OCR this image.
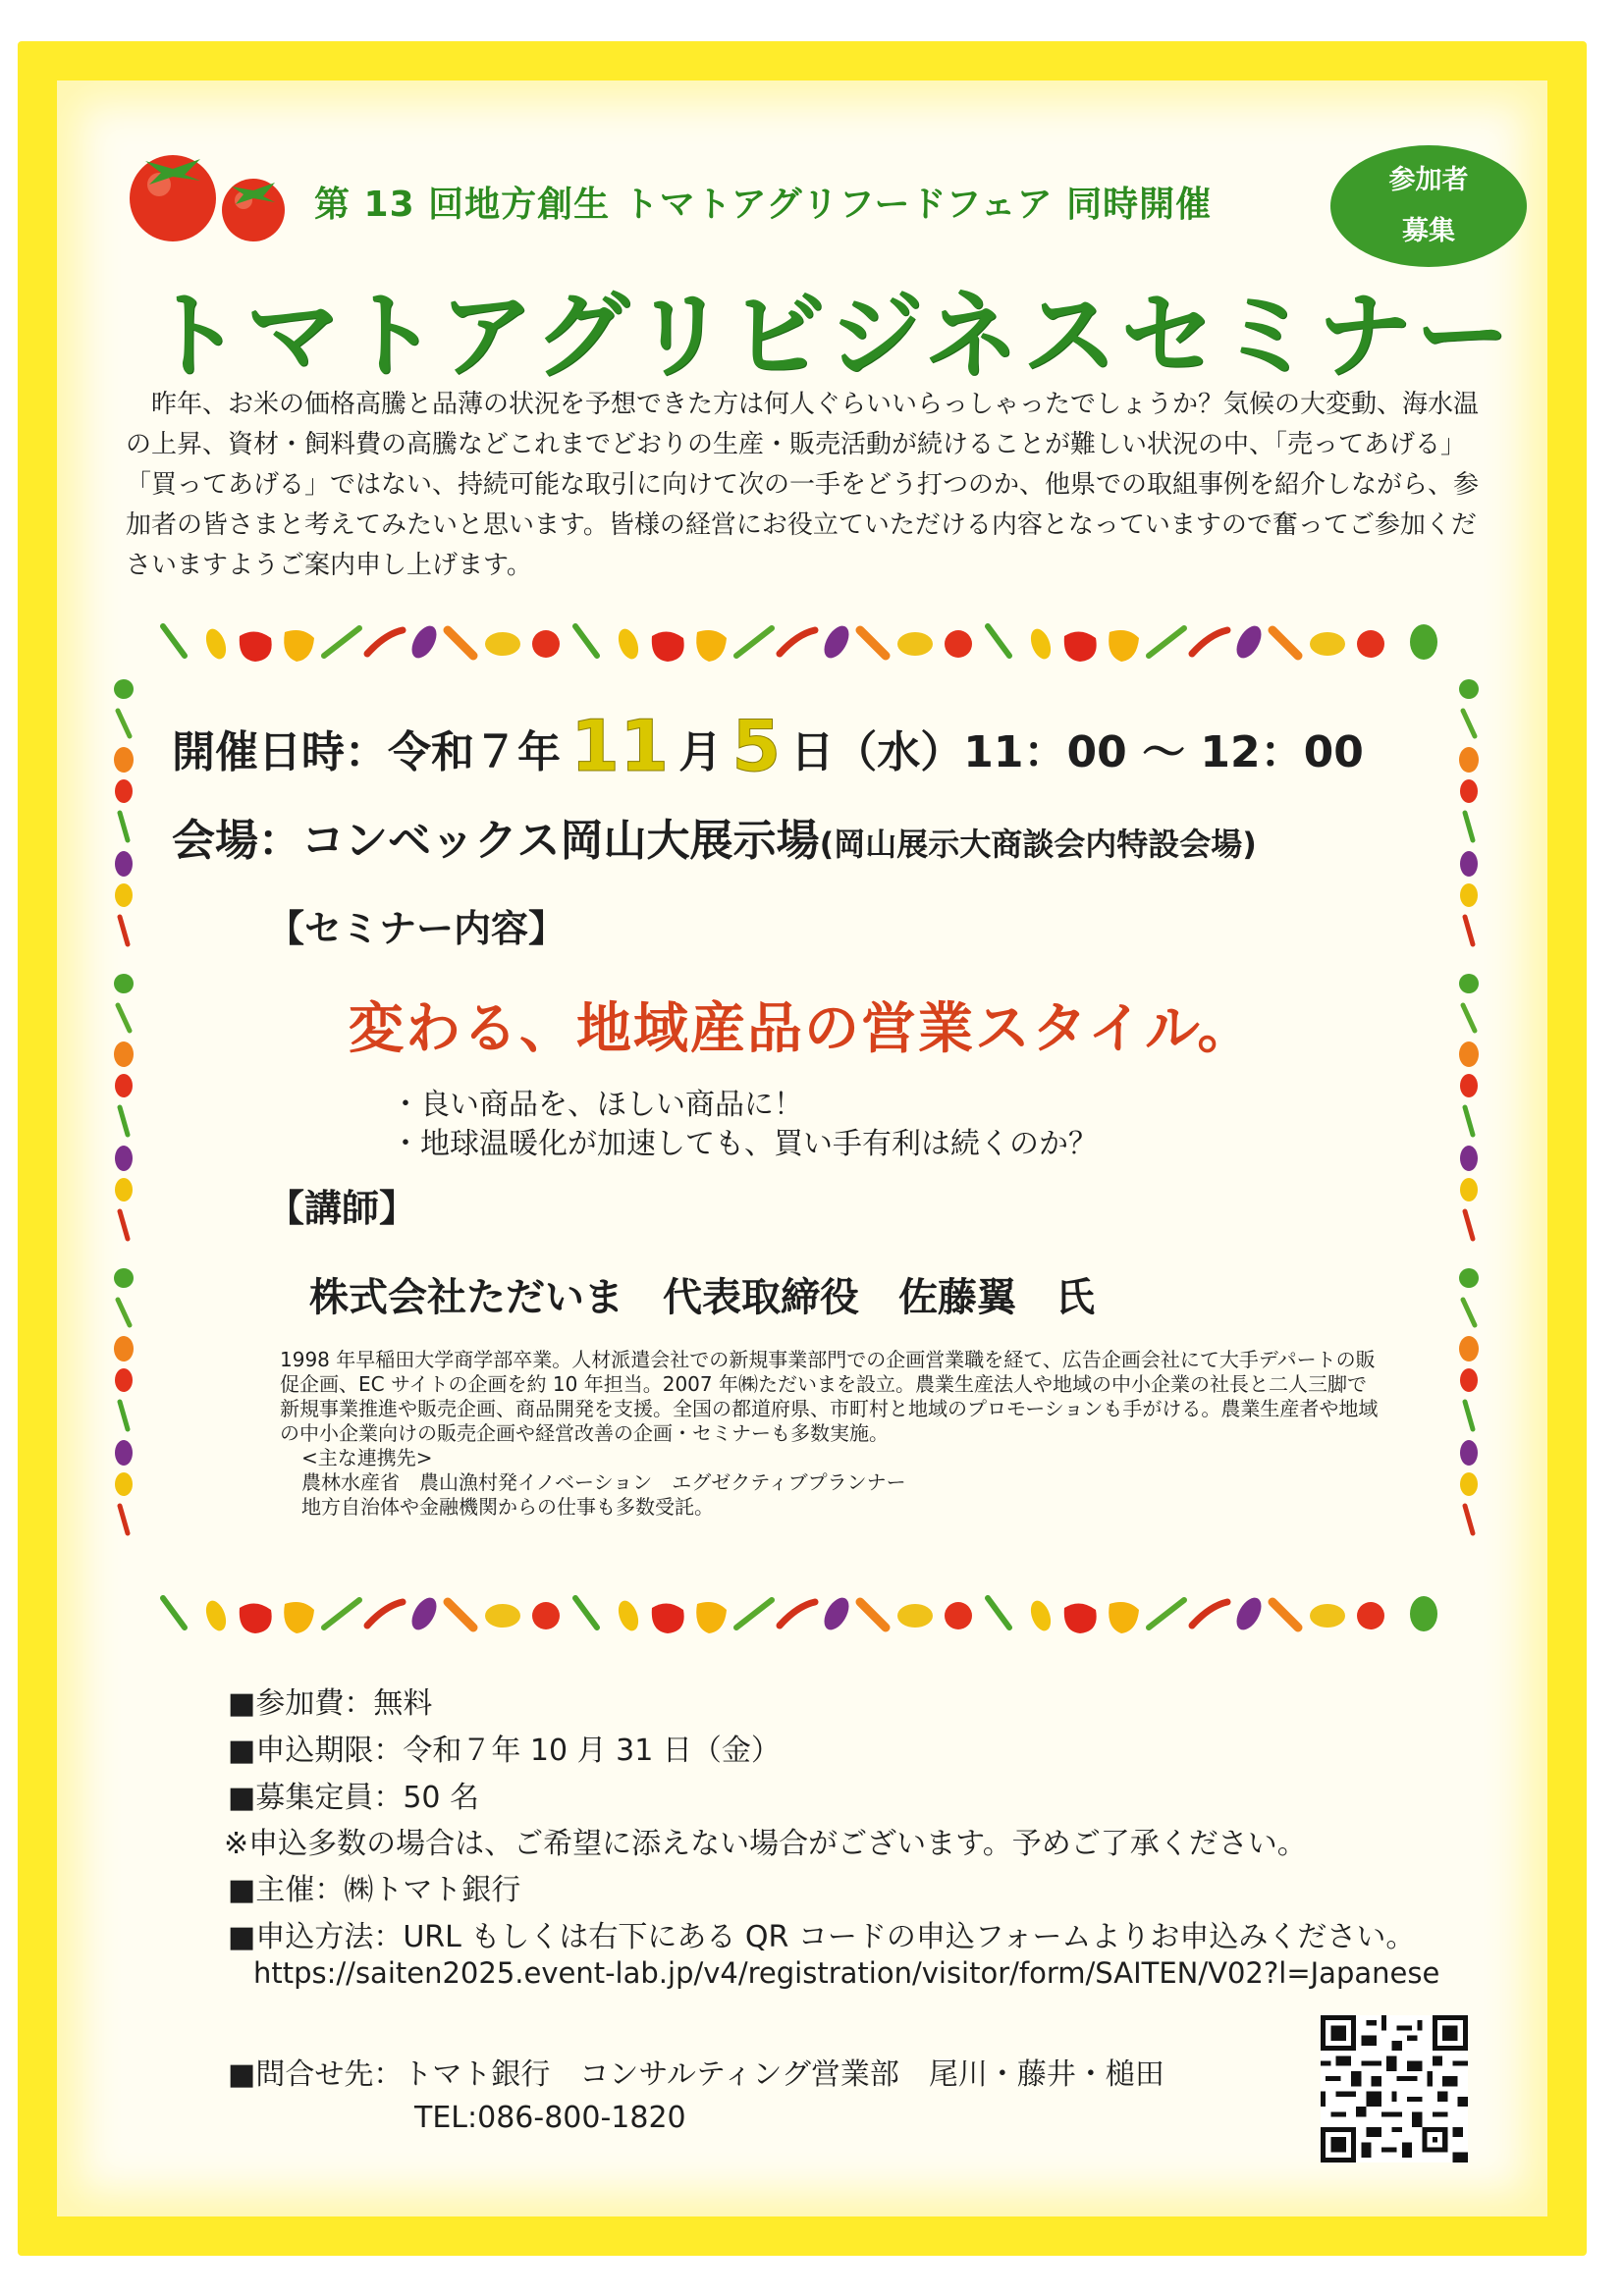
第 13 回地方創生 トマトアグリフードフェア 同時開催
参加者
募集
トマトアグリビジネスセミナー
昨年、お米の価格高騰と品薄の状況を予想できた方は何人ぐらいいらっしゃったでしょうか？気候の大変動、海水温の上昇、資材・飼料費の高騰などこれまでどおりの生産・販売活動が続けることが難しい状況の中、「売ってあげる」「買ってあげる」ではない、持続可能な取引に向けて次の一手をどう打つのか、他県での取組事例を紹介しながら、参加者の皆さまと考えてみたいと思います。皆様の経営にお役立ていただける内容となっていますので奮ってご参加くださいますようご案内申し上げます。
開催日時：令和７年 11 月 5 日（水）11：00 ～ 12：00
会場：コンベックス岡山大展示場(岡山展示大商談会内特設会場)
【セミナー内容】
変わる、地域産品の営業スタイル。
・良い商品を、ほしい商品に！
・地球温暖化が加速しても、買い手有利は続くのか？
【講師】
株式会社ただいま　代表取締役　佐藤翼　氏

1998 年早稲田大学商学部卒業。人材派遣会社での新規事業部門での企画営業職を経て、広告企画会社にて大手デパートの販促企画、EC サイトの企画を約 10 年担当。2007 年㈱ただいまを設立。農業生産法人や地域の中小企業の社長と二人三脚で新規事業推進や販売企画、商品開発を支援。全国の都道府県、市町村と地域のプロモーションも手がける。農業生産者や地域の中小企業向けの販売企画や経営改善の企画・セミナーも多数実施。

<主な連携先>

農林水産省　農山漁村発イノベーション　エグゼクティブプランナー

地方自治体や金融機関からの仕事も多数受託。

■参加費：無料
■申込期限：令和７年 10 月 31 日（金）
■募集定員：50 名
※申込多数の場合は、ご希望に添えない場合がございます。予めご了承ください。
■主催：㈱トマト銀行
■申込方法：URL もしくは右下にある QR コードの申込フォームよりお申込みください。
https://saiten2025.event-lab.jp/v4/registration/visitor/form/SAITEN/V02?l=Japanese
■問合せ先：トマト銀行　コンサルティング営業部　尾川・藤井・槌田
TEL:086-800-1820
